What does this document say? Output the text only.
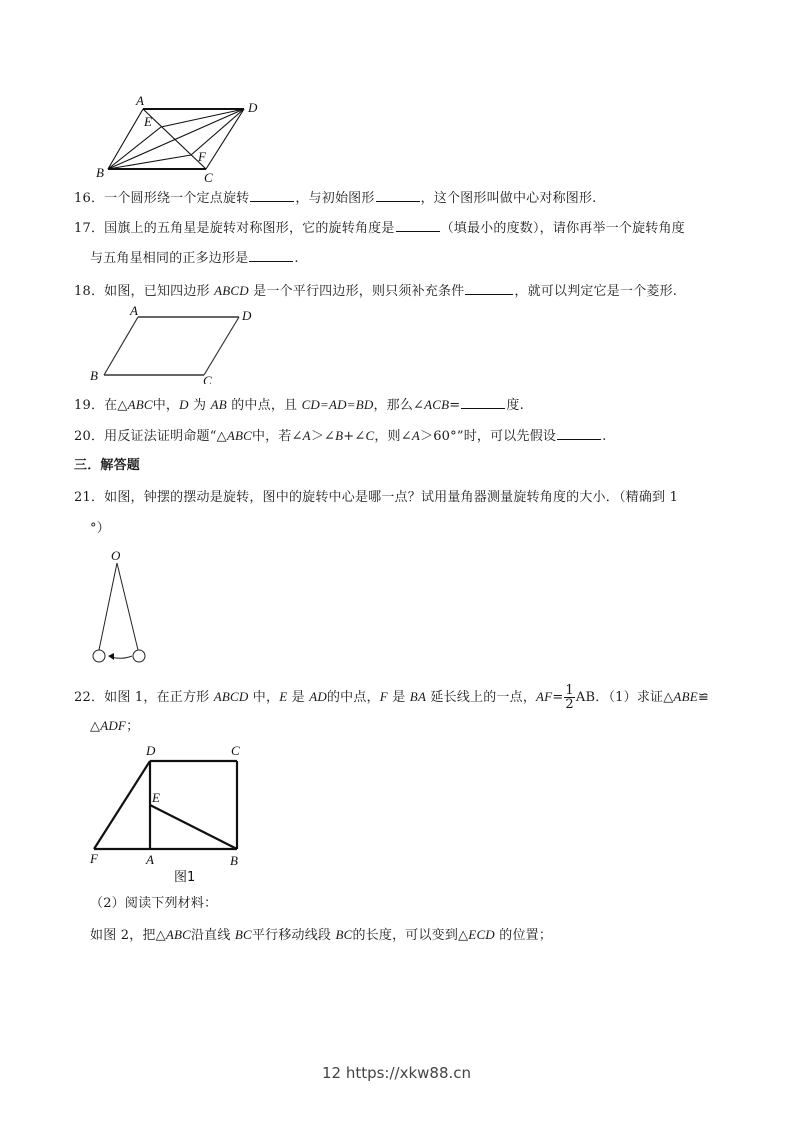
A	D
E
F
B	C
16．一个圆形绕一个定点旋转	，与初始图形	，这个图形叫做中心对称图形.
17．国旗上的五角星是旋转对称图形，它的旋转角度是	（填最小的度数），请你再举一个旋转角度
与五角星相同的正多边形是	.
18．如图，已知四边形 ABCD 是一个平行四边形，则只须补充条件	，就可以判定它是一个菱形.
A	D
B	C
19．在△ABC中，D 为 AB 的中点，且 CD=AD=BD，那么∠ACB=	度.
20．用反证法证明命题“△ABC中，若∠A＞∠B+∠C，则∠A＞60°”时，可以先假设	.
三．解答题
21．如图，钟摆的摆动是旋转，图中的旋转中心是哪一点？试用量角器测量旋转角度的大小．（精确到 1
°）
O
22．如图 1，在正方形 ABCD 中，E 是 AD的中点，F 是 BA 延长线上的一点，$AF= \frac{1}{2}$ AB．（1）求证△ABE≌
△ADF；
D	C
E
F	A	B
图1
（2）阅读下列材料：
如图 2，把△ABC沿直线 BC平行移动线段 BC的长度，可以变到△ECD 的位置；
12 https://xkw88.cn
